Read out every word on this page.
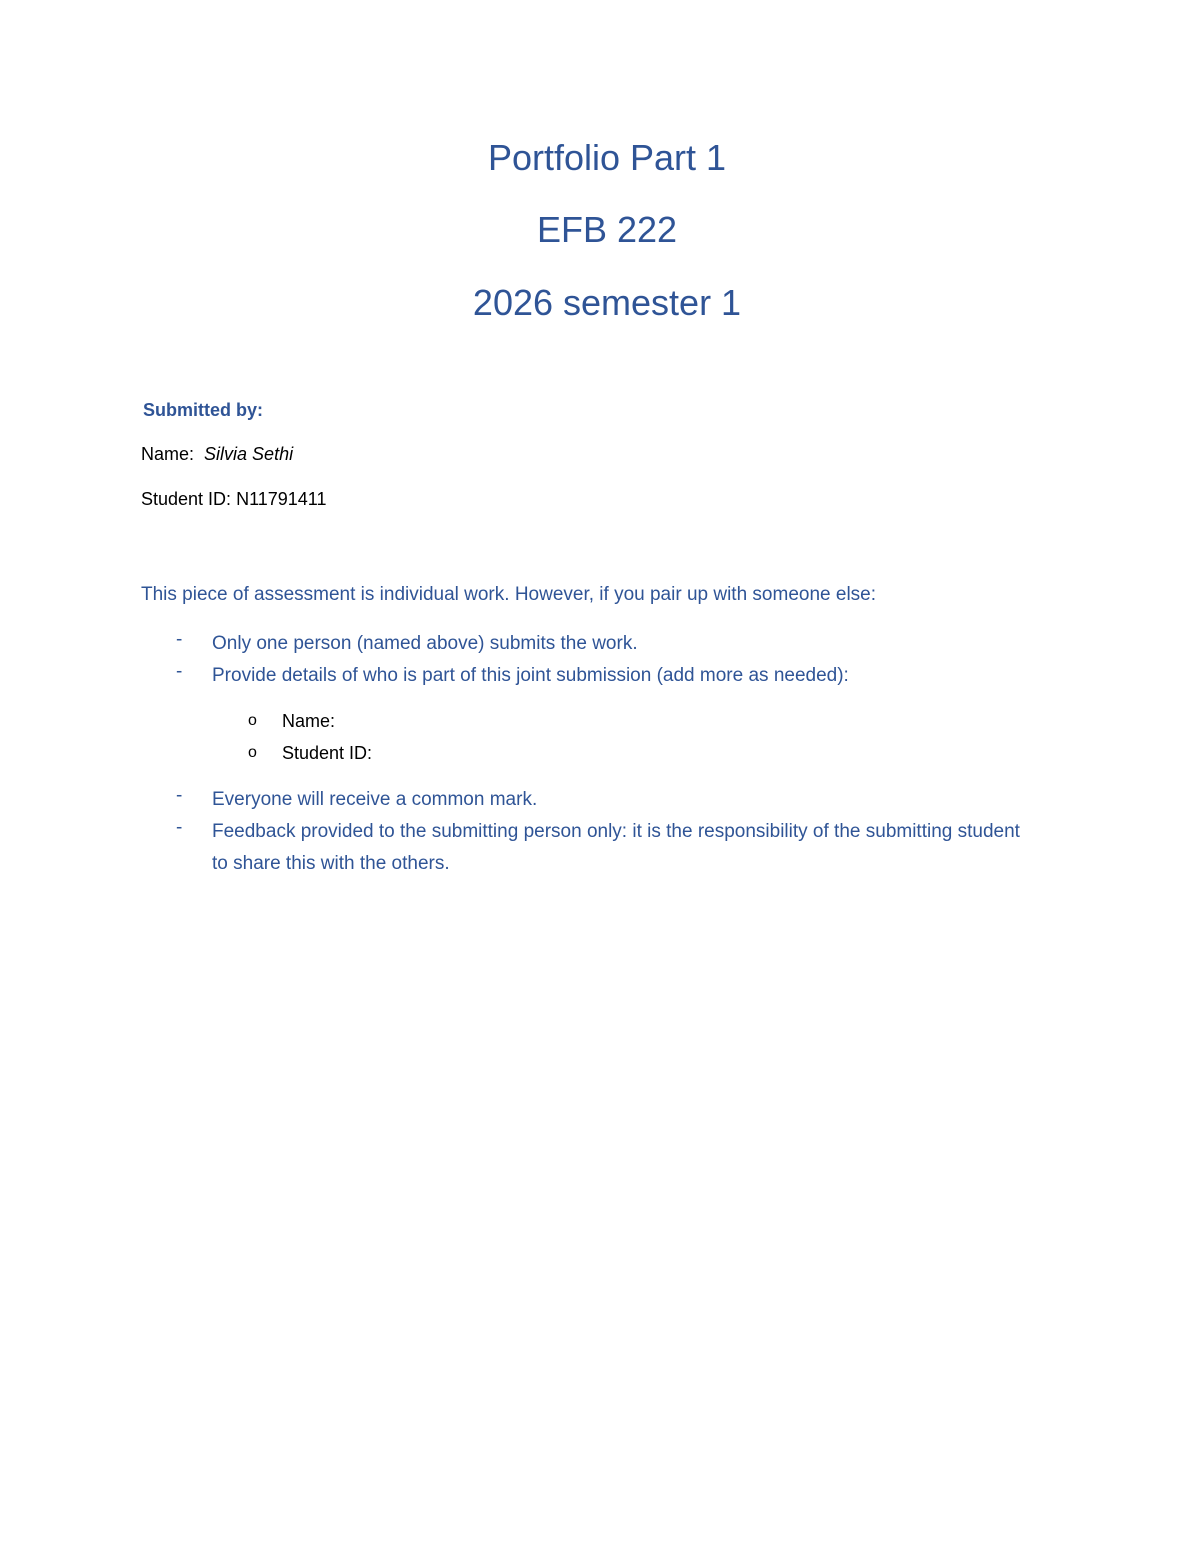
Portfolio Part 1
EFB 222
2026 semester 1
Submitted by:
Name: Silvia Sethi
Student ID: N11791411
This piece of assessment is individual work. However, if you pair up with someone else:
-	Only one person (named above) submits the work.
-	Provide details of who is part of this joint submission (add more as needed):
o	Name:
o	Student ID:
-	Everyone will receive a common mark.
-	Feedback provided to the submitting person only: it is the responsibility of the submitting student to share this with the others.
